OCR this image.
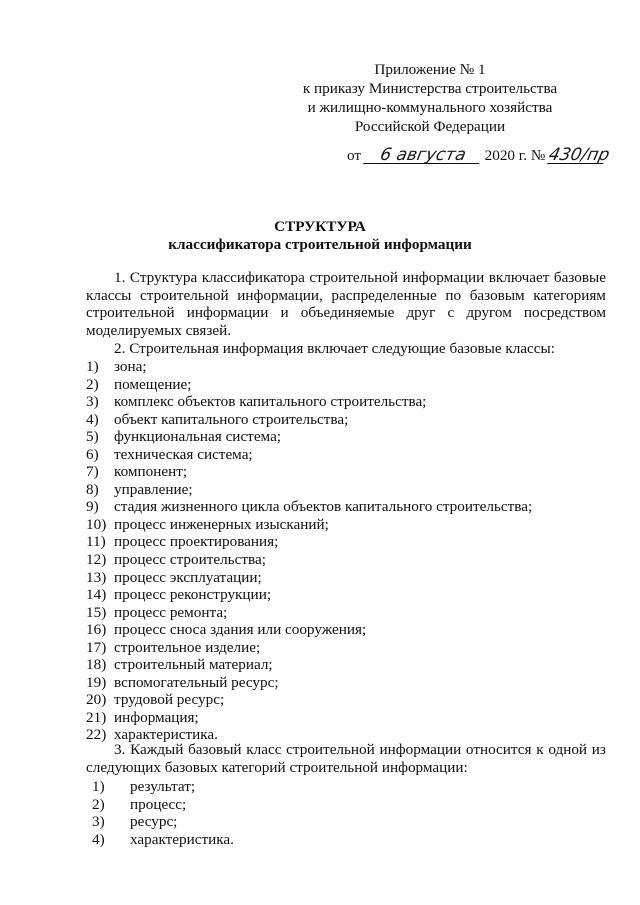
Приложение № 1
к приказу Министерства строительства
и жилищно-коммунального хозяйства
Российской Федерации
от 6 августа 2020 г. № 430/пр
СТРУКТУРА
классификатора строительной информации
1. Структура классификатора строительной информации включает базовые
классы строительной информации, распределенные по базовым категориям
строительной информации и объединяемые друг с другом посредством
моделируемых связей.
2. Строительная информация включает следующие базовые классы:
1)	зона;
2)	помещение;
3)	комплекс объектов капитального строительства;
4)	объект капитального строительства;
5)	функциональная система;
6)	техническая система;
7)	компонент;
8)	управление;
9)	стадия жизненного цикла объектов капитального строительства;
10) процесс инженерных изысканий;
11) процесс проектирования;
12) процесс строительства;
13) процесс эксплуатации;
14) процесс реконструкции;
15) процесс ремонта;
16) процесс сноса здания или сооружения;
17) строительное изделие;
18) строительный материал;
19) вспомогательный ресурс;
20) трудовой ресурс;
21) информация;
22) характеристика.
3. Каждый базовый класс строительной информации относится к одной из
следующих базовых категорий строительной информации:
1)	результат;
2)	процесс;
3)	ресурс;
4)	характеристика.
